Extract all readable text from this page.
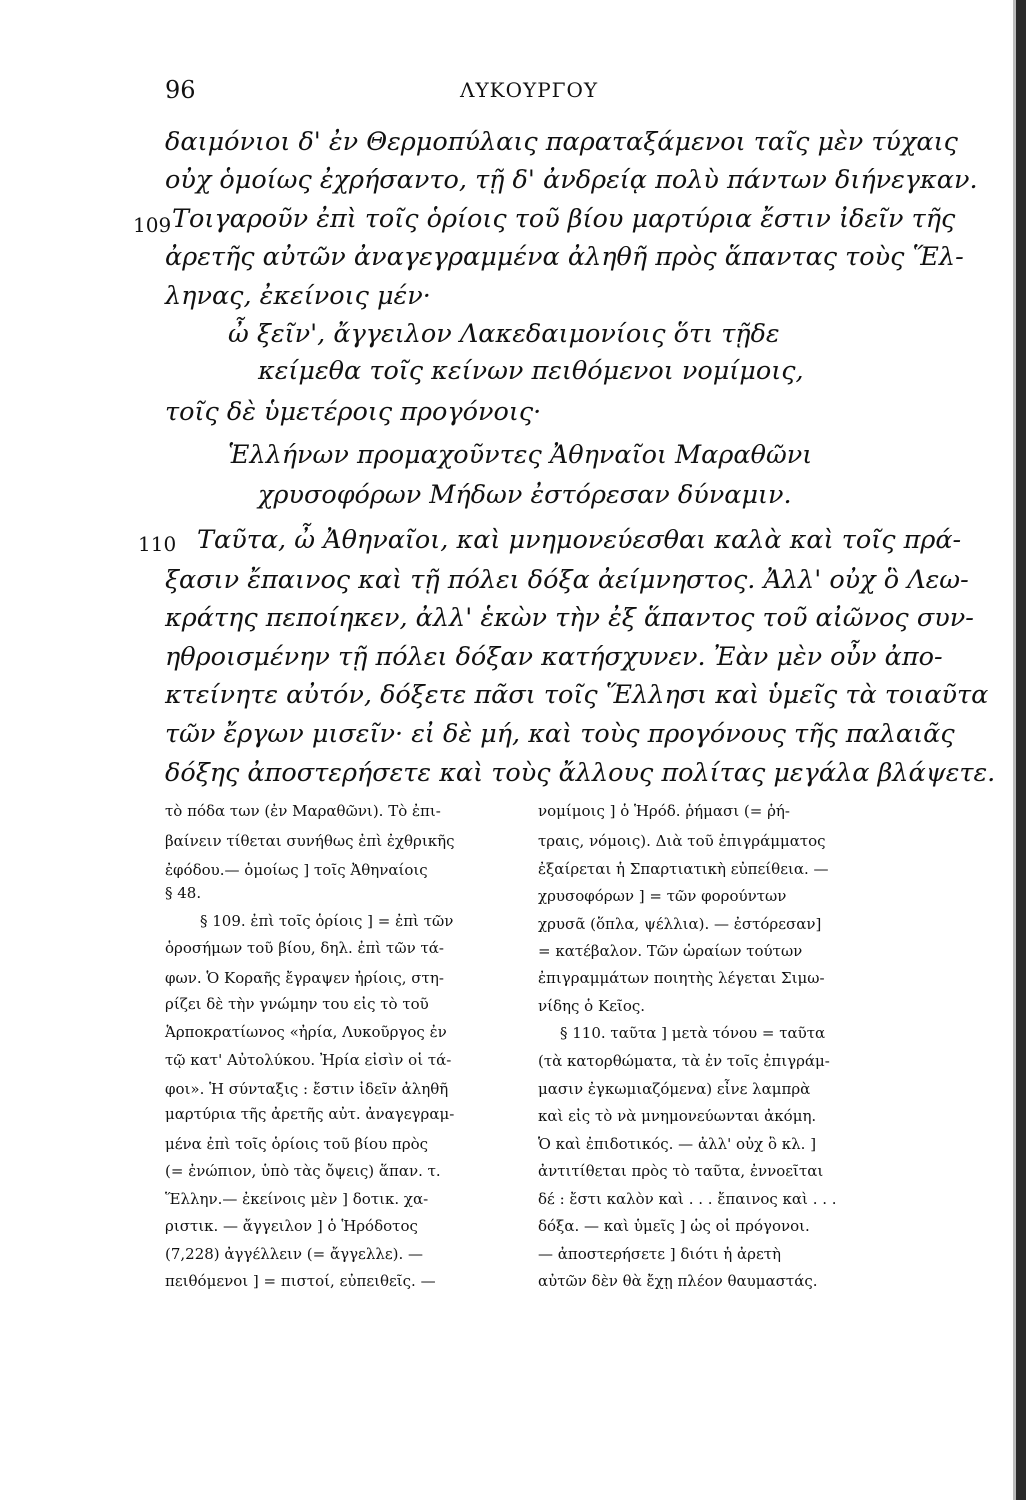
96	ΛΥΚΟΥΡΓΟΥ
δαιμόνιοι δ' ἐν Θερμοπύλαις παραταξάμενοι ταῖς μὲν τύχαις
οὐχ ὁμοίως ἐχρήσαντο, τῇ δ' ἀνδρείᾳ πολὺ πάντων διήνεγκαν.
109 Τοιγαροῦν ἐπὶ τοῖς ὁρίοις τοῦ βίου μαρτύρια ἔστιν ἰδεῖν τῆς
ἀρετῆς αὐτῶν ἀναγεγραμμένα ἀληθῆ πρὸς ἅπαντας τοὺς Ἕλ-
ληνας, ἐκείνοις μέν·
ὦ ξεῖν', ἄγγειλον Λακεδαιμονίοις ὅτι τῇδε
κείμεθα τοῖς κείνων πειθόμενοι νομίμοις,
τοῖς δὲ ὑμετέροις προγόνοις·
Ἑλλήνων προμαχοῦντες Ἀθηναῖοι Μαραθῶνι
χρυσοφόρων Μήδων ἐστόρεσαν δύναμιν.
110 Ταῦτα, ὦ Ἀθηναῖοι, καὶ μνημονεύεσθαι καλὰ καὶ τοῖς πρά-
ξασιν ἔπαινος καὶ τῇ πόλει δόξα ἀείμνηστος. Ἀλλ' οὐχ ὃ Λεω-
κράτης πεποίηκεν, ἀλλ' ἑκὼν τὴν ἐξ ἅπαντος τοῦ αἰῶνος συν-
ηθροισμένην τῇ πόλει δόξαν κατήσχυνεν. Ἐὰν μὲν οὖν ἀπο-
κτείνητε αὐτόν, δόξετε πᾶσι τοῖς Ἕλλησι καὶ ὑμεῖς τὰ τοιαῦτα
τῶν ἔργων μισεῖν· εἰ δὲ μή, καὶ τοὺς προγόνους τῆς παλαιᾶς
δόξης ἀποστερήσετε καὶ τοὺς ἄλλους πολίτας μεγάλα βλάψετε.
τὸ πόδα των (ἐν Μαραθῶνι). Τὸ ἐπι-
βαίνειν τίθεται συνήθως ἐπὶ ἐχθρικῆς
ἐφόδου.— ὁμοίως ] τοῖς Ἀθηναίοις
§ 48.
§ 109. ἐπὶ τοῖς ὁρίοις ] = ἐπὶ τῶν
ὁροσήμων τοῦ βίου, δηλ. ἐπὶ τῶν τά-
φων. Ὁ Κοραῆς ἔγραψεν ἠρίοις, στη-
ρίζει δὲ τὴν γνώμην του εἰς τὸ τοῦ
Ἁρποκρατίωνος «ἠρία, Λυκοῦργος ἐν
τῷ κατ' Αὐτολύκου. Ἠρία εἰσὶν οἱ τά-
φοι». Ἡ σύνταξις : ἔστιν ἰδεῖν ἀληθῆ
μαρτύρια τῆς ἀρετῆς αὐτ. ἀναγεγραμ-
μένα ἐπὶ τοῖς ὁρίοις τοῦ βίου πρὸς
(= ἐνώπιον, ὑπὸ τὰς ὄψεις) ἅπαν. τ.
Ἕλλην.— ἐκείνοις μὲν ] δοτικ. χα-
ριστικ. — ἄγγειλον ] ὁ Ἡρόδοτος
(7,228) ἀγγέλλειν (= ἄγγελλε). —
πειθόμενοι ] = πιστοί, εὐπειθεῖς. —
νομίμοις ] ὁ Ἡρόδ. ῥήμασι (= ῥή-
τραις, νόμοις). Διὰ τοῦ ἐπιγράμματος
ἐξαίρεται ἡ Σπαρτιατικὴ εὐπείθεια. —
χρυσοφόρων ] = τῶν φορούντων
χρυσᾶ (ὅπλα, ψέλλια). — ἐστόρεσαν]
= κατέβαλον. Τῶν ὡραίων τούτων
ἐπιγραμμάτων ποιητὴς λέγεται Σιμω-
νίδης ὁ Κεῖος.
§ 110. ταῦτα ] μετὰ τόνου = ταῦτα
(τὰ κατορθώματα, τὰ ἐν τοῖς ἐπιγράμ-
μασιν ἐγκωμιαζόμενα) εἶνε λαμπρὰ
καὶ εἰς τὸ νὰ μνημονεύωνται ἀκόμη.
Ὁ καὶ ἐπιδοτικός. — ἀλλ' οὐχ ὃ κλ. ]
ἀντιτίθεται πρὸς τὸ ταῦτα, ἐννοεῖται
δέ : ἔστι καλὸν καὶ . . . ἔπαινος καὶ . . .
δόξα. — καὶ ὑμεῖς ] ὡς οἱ πρόγονοι.
— ἀποστερήσετε ] διότι ἡ ἀρετὴ
αὐτῶν δὲν θὰ ἔχῃ πλέον θαυμαστάς.
